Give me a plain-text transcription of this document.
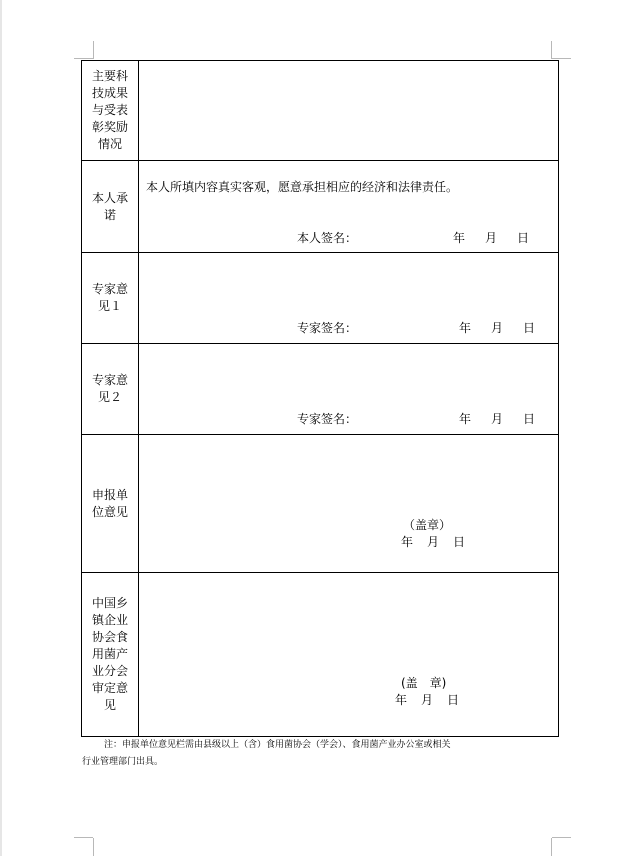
主要科技成果与受表彰奖励情况	
本人承诺	本人所填内容真实客观，愿意承担相应的经济和法律责任。
本人签名： 年 月 日

专家意见１	专家签名： 年 月 日

专家意见２	专家签名： 年 月 日

申报单位意见	（盖章）
年 月 日

中国乡镇企业协会食用菌产业分会审定意见	(盖　章)
年 月 日
注：申报单位意见栏需由县级以上（含）食用菌协会（学会）、食用菌产业办公室或相关
行业管理部门出具。
